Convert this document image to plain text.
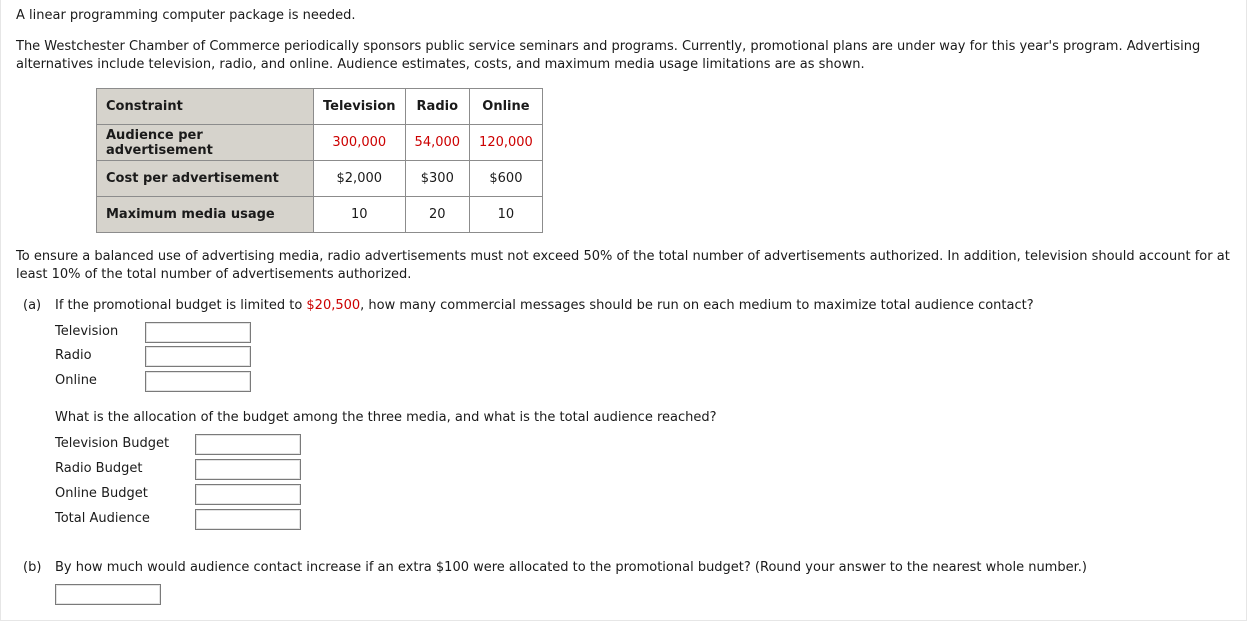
A linear programming computer package is needed.
The Westchester Chamber of Commerce periodically sponsors public service seminars and programs. Currently, promotional plans are under way for this year's program. Advertising alternatives include television, radio, and online. Audience estimates, costs, and maximum media usage limitations are as shown.
Constraint	Television	Radio	Online
Audience per advertisement	300,000	54,000	120,000
Cost per advertisement	$2,000	$300	$600
Maximum media usage	10	20	10
To ensure a balanced use of advertising media, radio advertisements must not exceed 50% of the total number of advertisements authorized. In addition, television should account for at least 10% of the total number of advertisements authorized.
(a) If the promotional budget is limited to $20,500, how many commercial messages should be run on each medium to maximize total audience contact?
Television
Radio
Online
What is the allocation of the budget among the three media, and what is the total audience reached?
Television Budget
Radio Budget
Online Budget
Total Audience
(b) By how much would audience contact increase if an extra $100 were allocated to the promotional budget? (Round your answer to the nearest whole number.)
